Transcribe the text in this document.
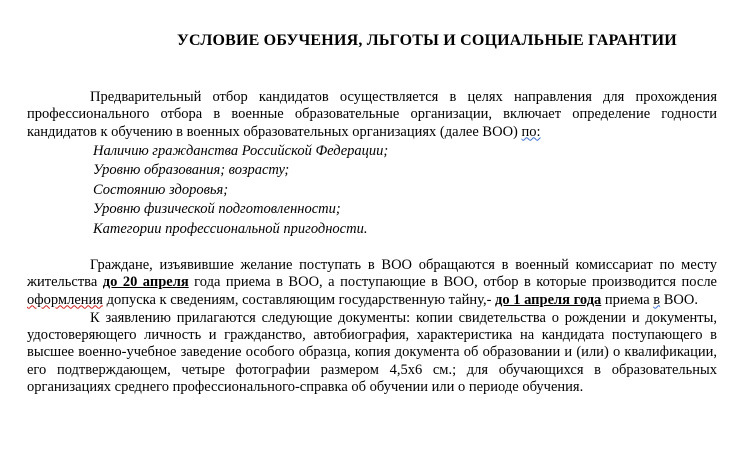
УСЛОВИЕ ОБУЧЕНИЯ, ЛЬГОТЫ И СОЦИАЛЬНЫЕ ГАРАНТИИ

Предварительный отбор кандидатов осуществляется в целях направления для прохождения профессионального отбора в военные образовательные организации, включает определение годности кандидатов к обучению в военных образовательных организациях (далее ВОО) по:

Наличию гражданства Российской Федерации;
Уровню образования; возрасту;
Состоянию здоровья;
Уровню физической подготовленности;
Категории профессиональной пригодности.

Граждане, изъявившие желание поступать в ВОО обращаются в военный комиссариат по месту жительства до 20 апреля года приема в ВОО, а поступающие в ВОО, отбор в которые производится после оформления допуска к сведениям, составляющим государственную тайну,- до 1 апреля года приема в ВОО.

К заявлению прилагаются следующие документы: копии свидетельства о рождении и документы, удостоверяющего личность и гражданство, автобиография, характеристика на кандидата поступающего в высшее военно-учебное заведение особого образца, копия документа об образовании и (или) о квалификации, его подтверждающем, четыре фотографии размером 4,5х6 см.; для обучающихся в образовательных организациях среднего профессионального-справка об обучении или о периоде обучения.
